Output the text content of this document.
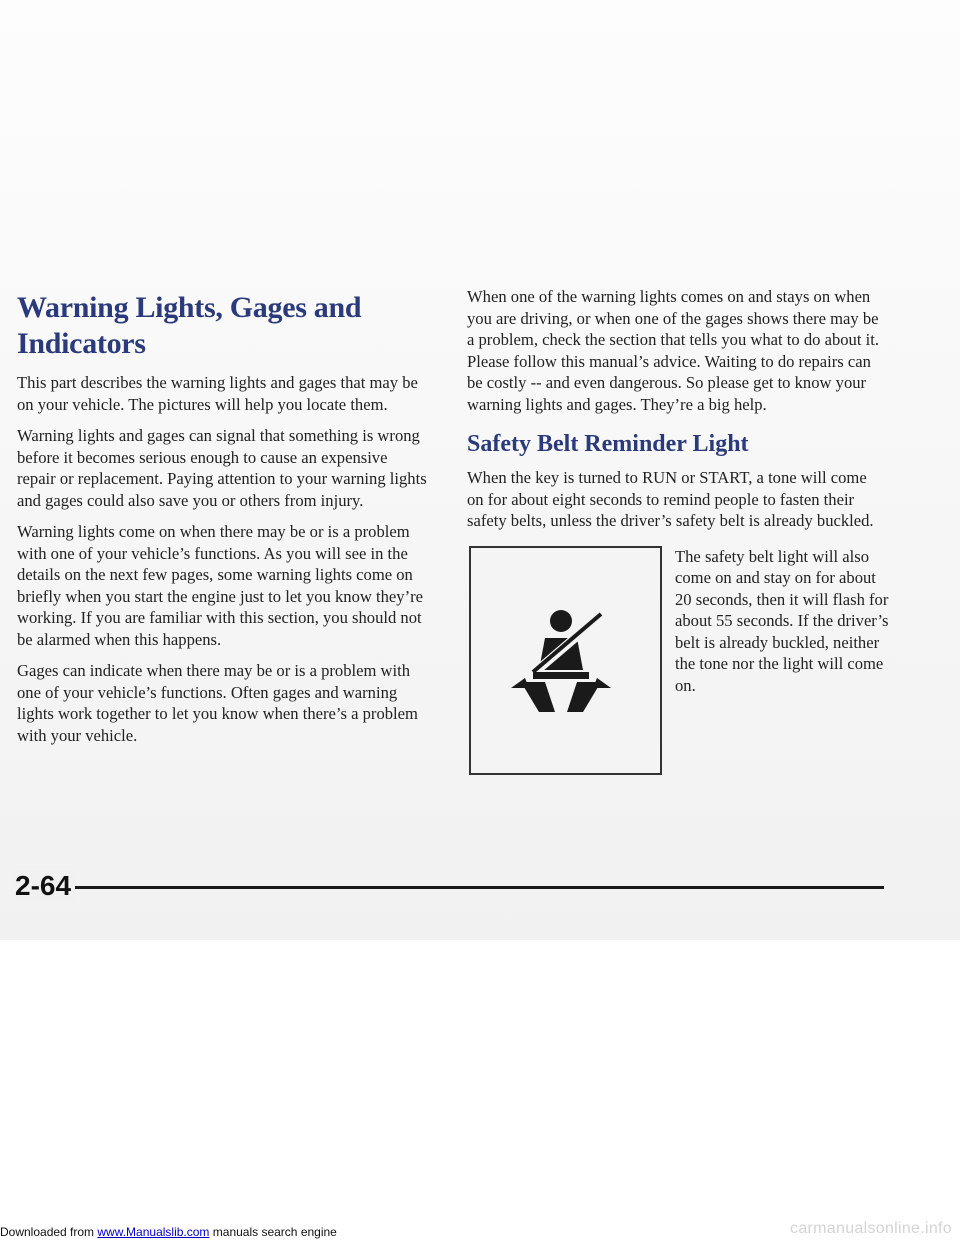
Warning Lights, Gages and Indicators

This part describes the warning lights and gages that may be on your vehicle. The pictures will help you locate them.

Warning lights and gages can signal that something is wrong before it becomes serious enough to cause an expensive repair or replacement. Paying attention to your warning lights and gages could also save you or others from injury.

Warning lights come on when there may be or is a problem with one of your vehicle’s functions. As you will see in the details on the next few pages, some warning lights come on briefly when you start the engine just to let you know they’re working. If you are familiar with this section, you should not be alarmed when this happens.

Gages can indicate when there may be or is a problem with one of your vehicle’s functions. Often gages and warning lights work together to let you know when there’s a problem with your vehicle.

When one of the warning lights comes on and stays on when you are driving, or when one of the gages shows there may be a problem, check the section that tells you what to do about it. Please follow this manual’s advice. Waiting to do repairs can be costly -- and even dangerous. So please get to know your warning lights and gages. They’re a big help.

Safety Belt Reminder Light

When the key is turned to RUN or START, a tone will come on for about eight seconds to remind people to fasten their safety belts, unless the driver’s safety belt is already buckled.

The safety belt light will also come on and stay on for about 20 seconds, then it will flash for about 55 seconds. If the driver’s belt is already buckled, neither the tone nor the light will come on.

2-64
Downloaded from www.Manualslib.com manuals search engine	carmanualsonline.info
